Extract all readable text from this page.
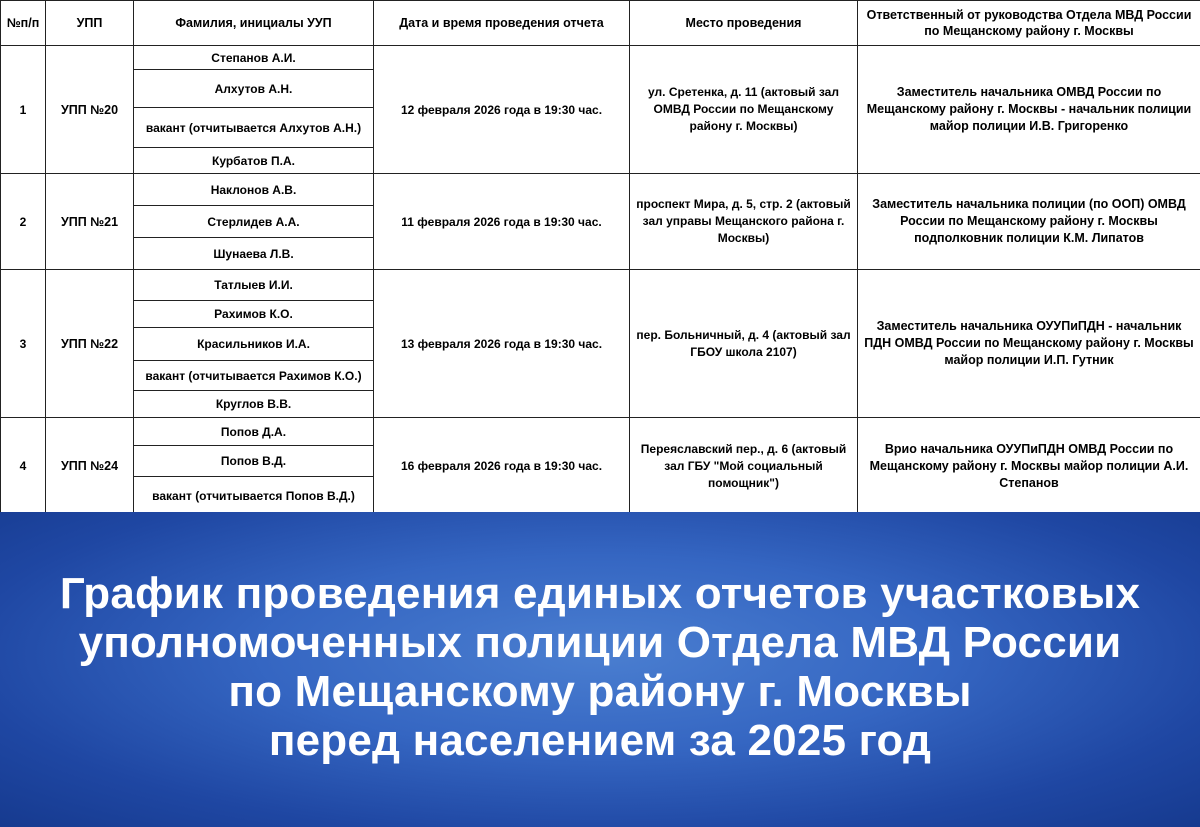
№п/п	УПП	Фамилия, инициалы УУП	Дата и время проведения отчета	Место проведения	Ответственный от руководства Отдела МВД России по Мещанскому району г. Москвы
1	УПП №20	Степанов А.И.	12 февраля 2026 года в 19:30 час.	ул. Сретенка, д. 11 (актовый зал ОМВД России по Мещанскому району г. Москвы)	Заместитель начальника ОМВД России по Мещанскому району г. Москвы - начальник полиции майор полиции И.В. Григоренко
		Алхутов А.Н.			
		вакант (отчитывается Алхутов А.Н.)			
		Курбатов П.А.			
2	УПП №21	Наклонов А.В.	11 февраля 2026 года в 19:30 час.	проспект Мира, д. 5, стр. 2 (актовый зал управы Мещанского района г. Москвы)	Заместитель начальника полиции (по ООП) ОМВД России по Мещанскому району г. Москвы подполковник полиции К.М. Липатов
		Стерлидев А.А.			
		Шунаева Л.В.			
3	УПП №22	Татлыев И.И.	13 февраля 2026 года в 19:30 час.	пер. Больничный, д. 4 (актовый зал ГБОУ школа 2107)	Заместитель начальника ОУУПиПДН - начальник ПДН ОМВД России по Мещанскому району г. Москвы майор полиции И.П. Гутник
		Рахимов К.О.			
		Красильников И.А.			
		вакант (отчитывается Рахимов К.О.)			
		Круглов В.В.			
4	УПП №24	Попов Д.А.	16 февраля 2026 года в 19:30 час.	Переяславский пер., д. 6 (актовый зал ГБУ "Мой социальный помощник")	Врио начальника ОУУПиПДН ОМВД России по Мещанскому району г. Москвы майор полиции А.И. Степанов
		Попов В.Д.			
		вакант (отчитывается Попов В.Д.)			
График проведения единых отчетов участковых
уполномоченных полиции Отдела МВД России
по Мещанскому району г. Москвы
перед населением за 2025 год
